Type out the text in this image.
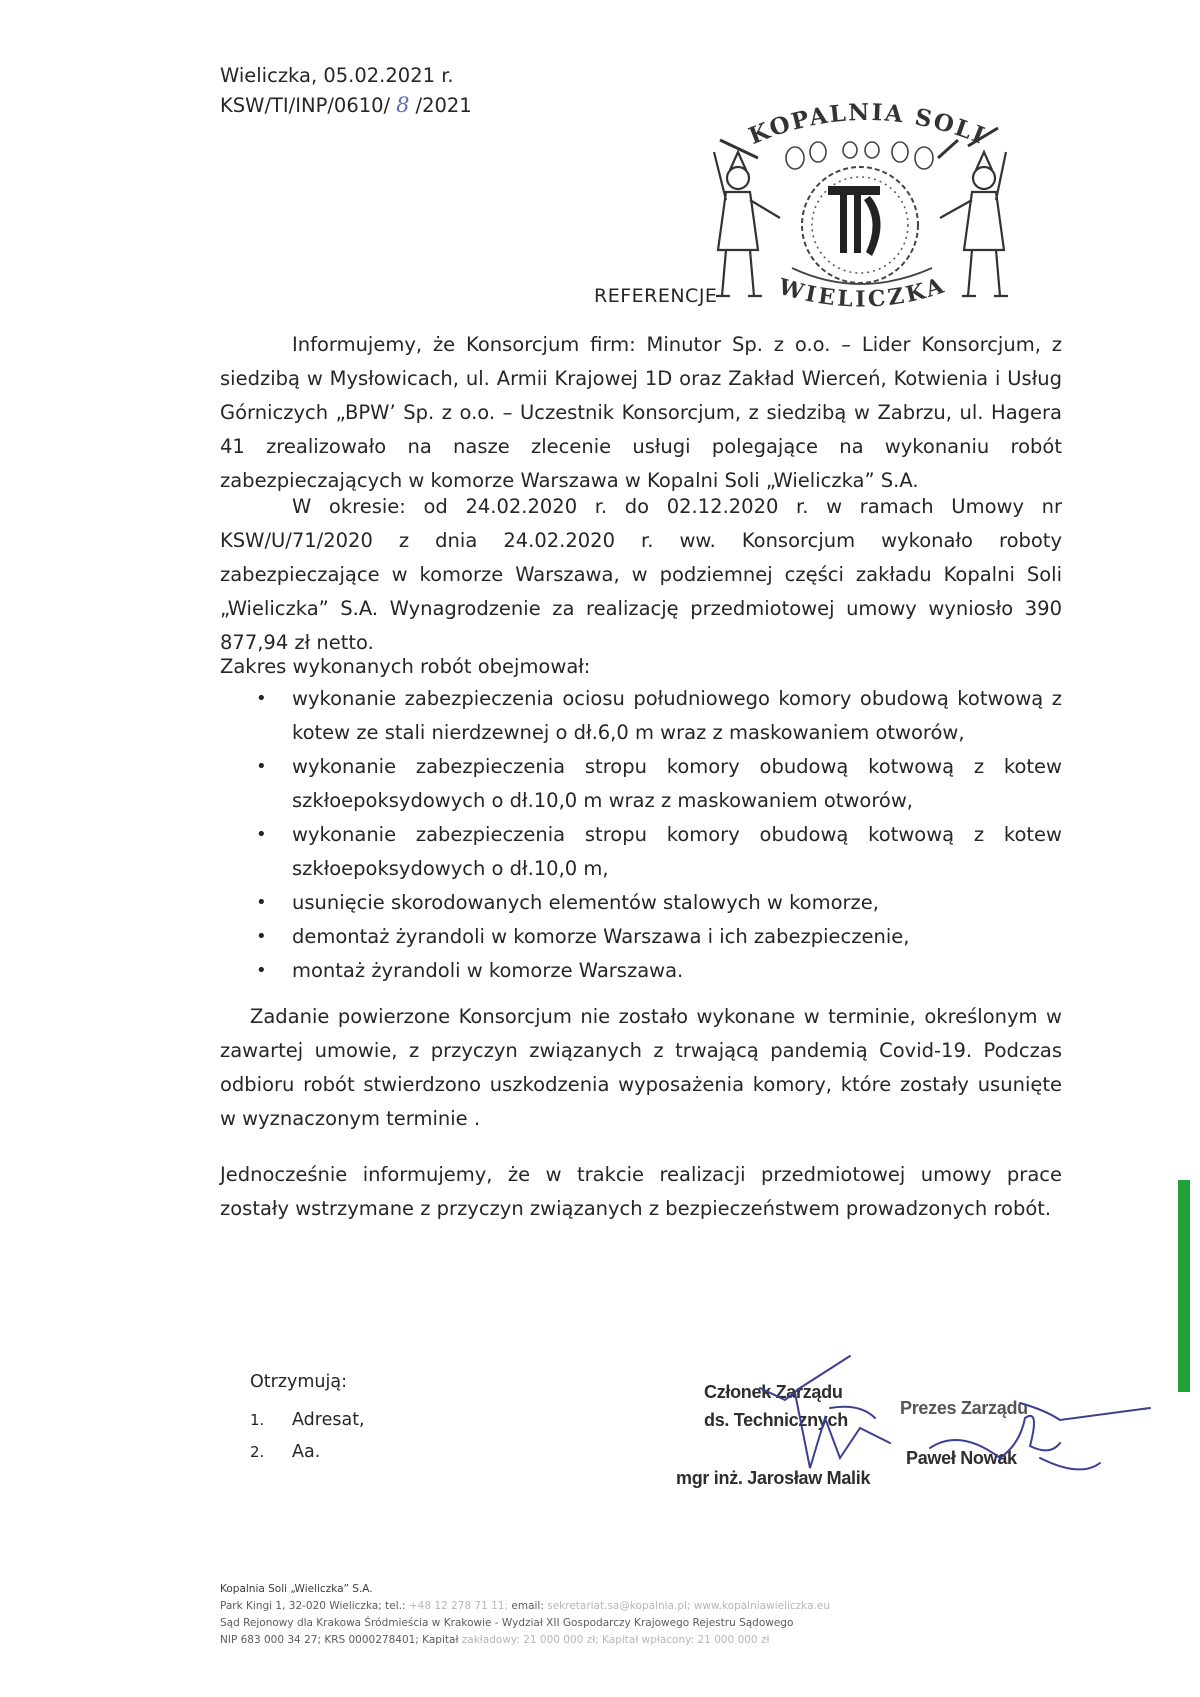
Wieliczka, 05.02.2021 r.
KSW/TI/INP/0610/ 8 /2021
KOPALNIA SOLI
WIELICZKA
REFERENCJE

Informujemy, że Konsorcjum firm: Minutor Sp. z o.o. – Lider Konsorcjum, z siedzibą w Mysłowicach, ul. Armii Krajowej 1D oraz Zakład Wierceń, Kotwienia i Usług Górniczych „BPW’ Sp. z o.o. – Uczestnik Konsorcjum, z siedzibą w Zabrzu, ul. Hagera 41 zrealizowało na nasze zlecenie usługi polegające na wykonaniu robót zabezpieczających w komorze Warszawa w Kopalni Soli „Wieliczka” S.A.

W okresie: od 24.02.2020 r. do 02.12.2020 r. w ramach Umowy nr KSW/U/71/2020 z dnia 24.02.2020 r. ww. Konsorcjum wykonało roboty zabezpieczające w komorze Warszawa, w podziemnej części zakładu Kopalni Soli „Wieliczka” S.A. Wynagrodzenie za realizację przedmiotowej umowy wyniosło 390 877,94 zł netto.

Zakres wykonanych robót obejmował:
• wykonanie zabezpieczenia ociosu południowego komory obudową kotwową z kotew ze stali nierdzewnej o dł.6,0 m wraz z maskowaniem otworów,
• wykonanie zabezpieczenia stropu komory obudową kotwową z kotew szkłoepoksydowych o dł.10,0 m wraz z maskowaniem otworów,
• wykonanie zabezpieczenia stropu komory obudową kotwową z kotew szkłoepoksydowych o dł.10,0 m,
• usunięcie skorodowanych elementów stalowych w komorze,
• demontaż żyrandoli w komorze Warszawa i ich zabezpieczenie,
• montaż żyrandoli w komorze Warszawa.

Zadanie powierzone Konsorcjum nie zostało wykonane w terminie, określonym w zawartej umowie, z przyczyn związanych z trwającą pandemią Covid-19. Podczas odbioru robót stwierdzono uszkodzenia wyposażenia komory, które zostały usunięte w wyznaczonym terminie .

Jednocześnie informujemy, że w trakcie realizacji przedmiotowej umowy prace zostały wstrzymane z przyczyn związanych z bezpieczeństwem prowadzonych robót.

Otrzymują:
1. Adresat,
2. Aa.
Członek Zarządu
ds. Technicznych
mgr inż. Jarosław Malik
Prezes Zarządu
Paweł Nowak
Kopalnia Soli „Wieliczka” S.A.
Park Kingi 1, 32-020 Wieliczka; tel.: +48 12 278 71 11; email: sekretariat.sa@kopalnia.pl; www.kopalniawieliczka.eu
Sąd Rejonowy dla Krakowa Śródmieścia w Krakowie - Wydział XII Gospodarczy Krajowego Rejestru Sądowego
NIP 683 000 34 27; KRS 0000278401; Kapitał zakładowy: 21 000 000 zł; Kapitał wpłacony: 21 000 000 zł
